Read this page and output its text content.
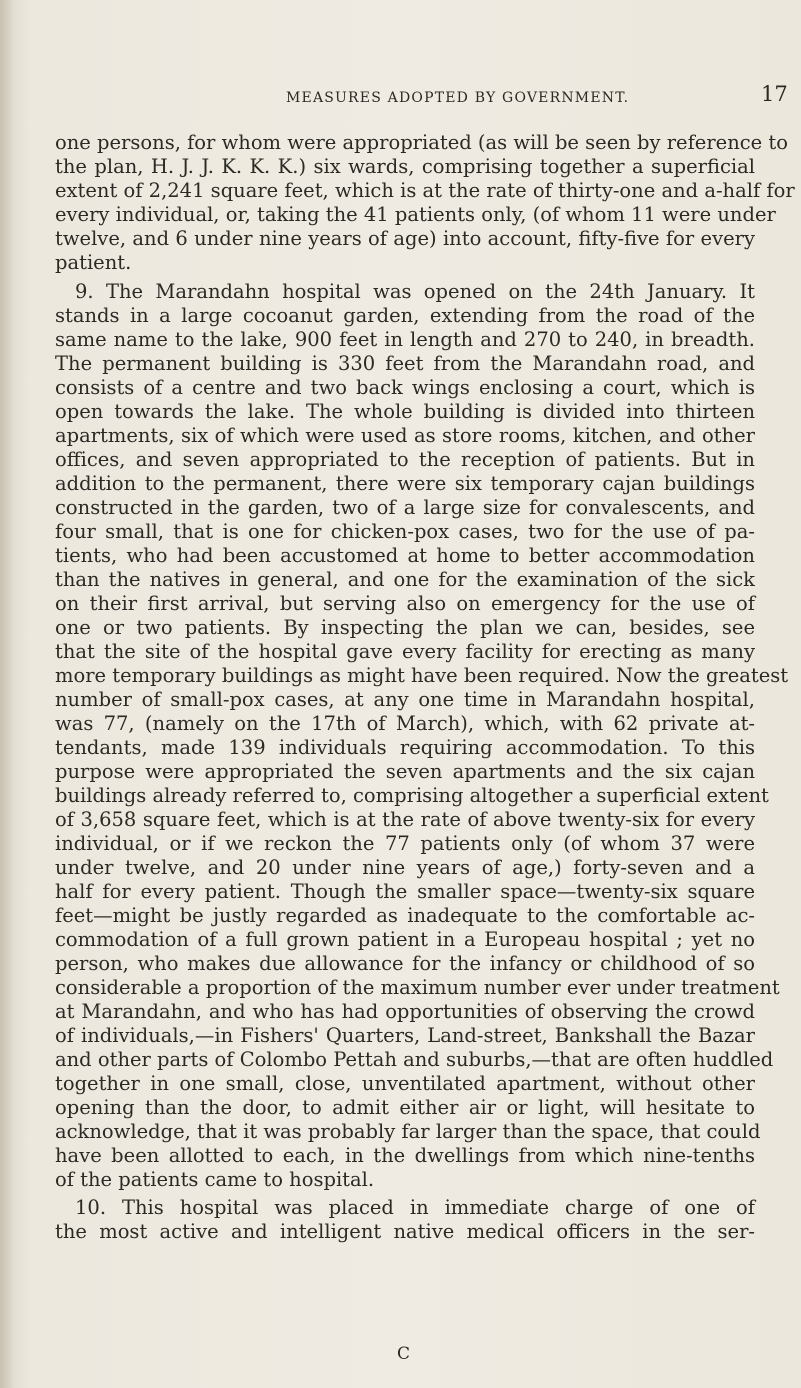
MEASURES ADOPTED BY GOVERNMENT.	17
one persons, for whom were appropriated (as will be seen by reference to
the plan, H. J. J. K. K. K.) six wards, comprising together a superficial
extent of 2,241 square feet, which is at the rate of thirty-one and a-half for
every individual, or, taking the 41 patients only, (of whom 11 were under
twelve, and 6 under nine years of age) into account, fifty-five for every
patient.
9. The Marandahn hospital was opened on the 24th January. It
stands in a large cocoanut garden, extending from the road of the
same name to the lake, 900 feet in length and 270 to 240, in breadth.
The permanent building is 330 feet from the Marandahn road, and
consists of a centre and two back wings enclosing a court, which is
open towards the lake. The whole building is divided into thirteen
apartments, six of which were used as store rooms, kitchen, and other
offices, and seven appropriated to the reception of patients. But in
addition to the permanent, there were six temporary cajan buildings
constructed in the garden, two of a large size for convalescents, and
four small, that is one for chicken-pox cases, two for the use of pa-
tients, who had been accustomed at home to better accommodation
than the natives in general, and one for the examination of the sick
on their first arrival, but serving also on emergency for the use of
one or two patients. By inspecting the plan we can, besides, see
that the site of the hospital gave every facility for erecting as many
more temporary buildings as might have been required. Now the greatest
number of small-pox cases, at any one time in Marandahn hospital,
was 77, (namely on the 17th of March), which, with 62 private at-
tendants, made 139 individuals requiring accommodation. To this
purpose were appropriated the seven apartments and the six cajan
buildings already referred to, comprising altogether a superficial extent
of 3,658 square feet, which is at the rate of above twenty-six for every
individual, or if we reckon the 77 patients only (of whom 37 were
under twelve, and 20 under nine years of age,) forty-seven and a
half for every patient. Though the smaller space—twenty-six square
feet—might be justly regarded as inadequate to the comfortable ac-
commodation of a full grown patient in a Europeau hospital ; yet no
person, who makes due allowance for the infancy or childhood of so
considerable a proportion of the maximum number ever under treatment
at Marandahn, and who has had opportunities of observing the crowd
of individuals,—in Fishers' Quarters, Land-street, Bankshall the Bazar
and other parts of Colombo Pettah and suburbs,—that are often huddled
together in one small, close, unventilated apartment, without other
opening than the door, to admit either air or light, will hesitate to
acknowledge, that it was probably far larger than the space, that could
have been allotted to each, in the dwellings from which nine-tenths
of the patients came to hospital.
10. This hospital was placed in immediate charge of one of
the most active and intelligent native medical officers in the ser-
C
